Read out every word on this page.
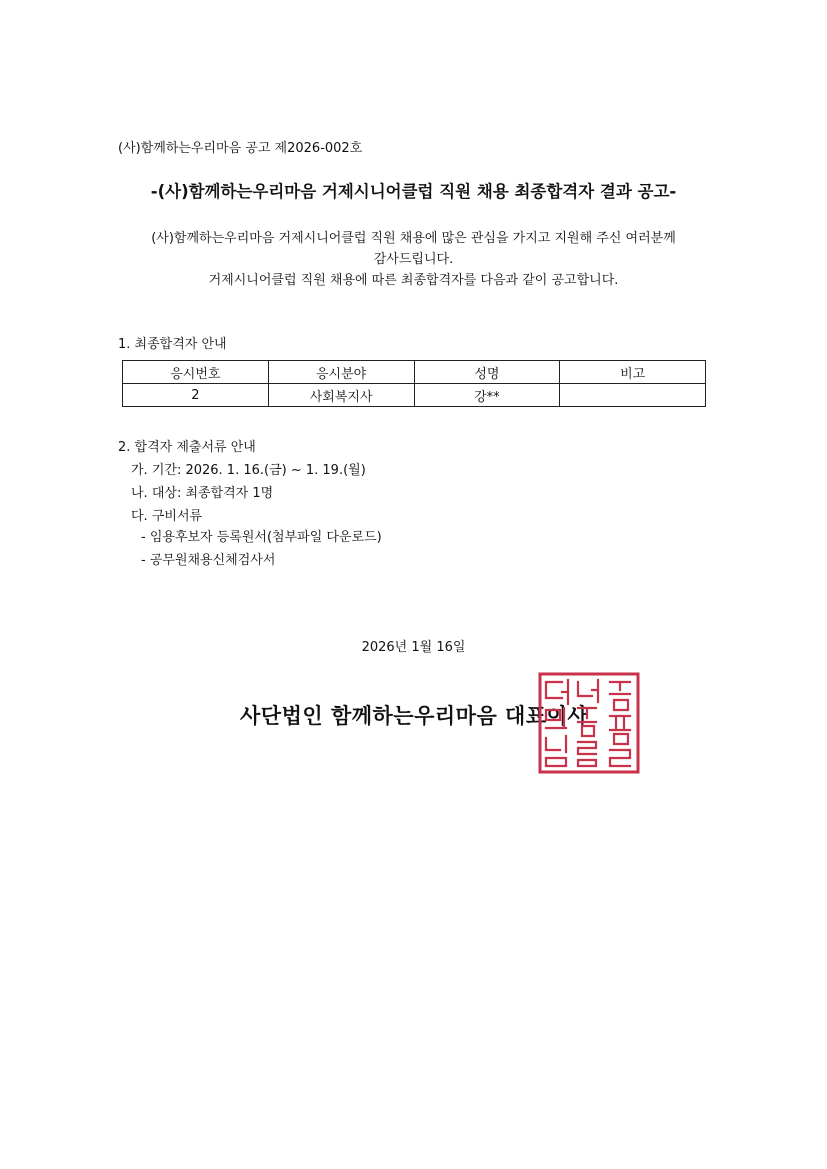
(사)함께하는우리마음 공고 제2026-002호
-(사)함께하는우리마음 거제시니어클럽 직원 채용 최종합격자 결과 공고-
(사)함께하는우리마음 거제시니어클럽 직원 채용에 많은 관심을 가지고 지원해 주신 여러분께
감사드립니다.
거제시니어클럽 직원 채용에 따른 최종합격자를 다음과 같이 공고합니다.
1. 최종합격자 안내
응시번호	응시분야	성명	비고
2	사회복지사	강**	
2. 합격자 제출서류 안내
가. 기간: 2026. 1. 16.(금) ~ 1. 19.(월)
나. 대상: 최종합격자 1명
다. 구비서류
- 임용후보자 등록원서(첨부파일 다운로드)
- 공무원채용신체검사서
2026년 1월 16일
사단법인 함께하는우리마음 대표이사
